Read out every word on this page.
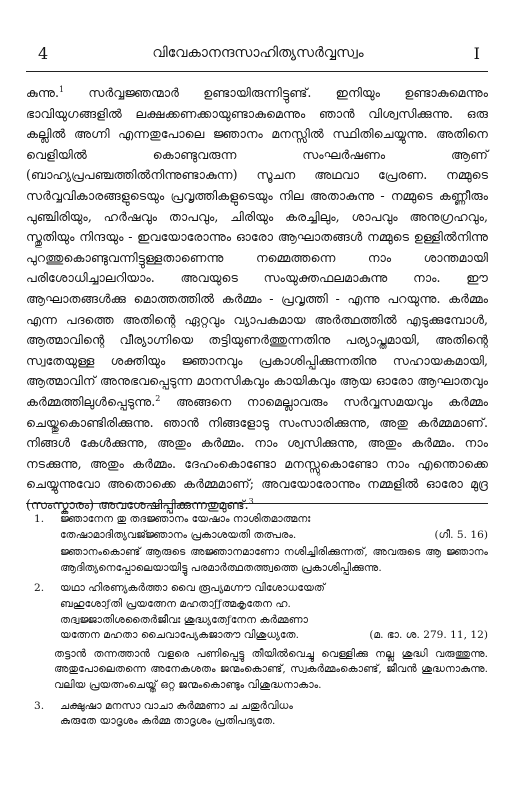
4	വിവേകാനന്ദസാഹിത്യസർവ്വസ്വം	I

കുന്നു.$^1$ സർവ്വജ്ഞന്മാർ ഉണ്ടായിരുന്നിട്ടുണ്ട്. ഇനിയും ഉണ്ടാകുമെന്നും ഭാവിയുഗങ്ങളിൽ ലക്ഷക്കണക്കായുണ്ടാകുമെന്നും ഞാൻ വിശ്വസിക്കുന്നു. ഒരു കല്ലിൽ അഗ്നി എന്നതുപോലെ ജ്ഞാനം മനസ്സിൽ സ്ഥിതിചെയ്യുന്നു. അതിനെ വെളിയിൽ കൊണ്ടുവരുന്ന സംഘർഷണം ആണ് (ബാഹ്യപ്രപഞ്ചത്തിൽനിന്നുണ്ടാകുന്ന) സൂചന അഥവാ പ്രേരണ. നമ്മുടെ സർവ്വവികാരങ്ങളുടെയും പ്രവൃത്തികളുടെയും നില അതാകുന്നു - നമ്മുടെ കണ്ണീരും പുഞ്ചിരിയും, ഹർഷവും താപവും, ചിരിയും കരച്ചിലും, ശാപവും അനുഗ്രഹവും, സ്തുതിയും നിന്ദയും - ഇവയോരോന്നും ഓരോ ആഘാതങ്ങൾ നമ്മുടെ ഉള്ളിൽനിന്നു പുറത്തുകൊണ്ടുവന്നിട്ടുള്ളതാണെന്നു നമ്മെത്തന്നെ നാം ശാന്തമായി പരിശോധിച്ചാലറിയാം. അവയുടെ സംയുക്തഫലമാകുന്നു നാം. ഈ ആഘാതങ്ങൾക്കു മൊത്തത്തിൽ കർമ്മം - പ്രവൃത്തി - എന്നു പറയുന്നു. കർമ്മം എന്ന പദത്തെ അതിന്റെ ഏറ്റവും വ്യാപകമായ അർത്ഥത്തിൽ എടുക്കുമ്പോൾ, ആത്മാവിന്റെ വീര്യാഗ്നിയെ തട്ടിയുണർത്തുന്നതിനു പര്യാപ്തമായി, അതിന്റെ സ്വതേയുള്ള ശക്തിയും ജ്ഞാനവും പ്രകാശിപ്പിക്കുന്നതിനു സഹായകമായി, ആത്മാവിന് അനുഭവപ്പെടുന്ന മാനസികവും കായികവും ആയ ഓരോ ആഘാതവും കർമ്മത്തിലുൾപ്പെടുന്നു.$^2$ അങ്ങനെ നാമെല്ലാവരും സർവ്വസമയവും കർമ്മം ചെയ്തുകൊണ്ടിരിക്കുന്നു. ഞാൻ നിങ്ങളോടു സംസാരിക്കുന്നു, അതു കർമ്മമാണ്. നിങ്ങൾ കേൾക്കുന്നു, അതും കർമ്മം. നാം ശ്വസിക്കുന്നു, അതും കർമ്മം. നാം നടക്കുന്നു, അതും കർമ്മം. ദേഹംകൊണ്ടോ മനസ്സുകൊണ്ടോ നാം എന്തൊക്കെ ചെയ്യുന്നുവോ അതൊക്കെ കർമ്മമാണ്; അവയോരോന്നും നമ്മളിൽ ഓരോ മുദ്ര (സംസ്കാരം) അവശേഷിപ്പിക്കുന്നതുമുണ്ട്.$^3$

1. ജ്ഞാനേന തു തദജ്ഞാനം യേഷാം നാശിതമാത്മനഃ
തേഷാമാദിത്യവജ്ജ്ഞാനം പ്രകാശയതി തത്പരം.	(ഗീ. 5. 16)
ജ്ഞാനംകൊണ്ട് ആരുടെ അജ്ഞാനമാണോ നശിച്ചിരിക്കുന്നത്, അവരുടെ ആ ജ്ഞാനം ആദിത്യനെപ്പോലെയായിട്ടു പരമാർത്ഥതത്ത്വത്തെ പ്രകാശിപ്പിക്കുന്നു.
2. യഥാ ഹിരണ്യകർത്താ വൈ രൂപ്യമഗ്നൗ വിശോധയേത്
ബഹുശോƒതി പ്രയത്നേന മഹതാƒƒത്മകൃതേന ഹ.
തദ്വജ്ജാതിശതൈർജീവഃ ശുദ്ധ്യതേƒനേന കർമ്മണാ
യത്നേന മഹതാ ചൈവാപ്യേകജാതൗ വിശുധ്യതേ.	(മ. ഭാ. ശ. 279. 11, 12)
തട്ടാൻ തന്നത്താൻ വളരെ പണിപ്പെട്ടു തീയിൽവെച്ചു വെള്ളിക്കു നല്ല ശുദ്ധി വരുത്തുന്നു. അതുപോലെതന്നെ അനേകശതം ജന്മംകൊണ്ട്, സ്വകർമ്മംകൊണ്ട്, ജീവൻ ശുദ്ധനാകുന്നു. വലിയ പ്രയത്നംചെയ്ത് ഒറ്റ ജന്മംകൊണ്ടും വിശുദ്ധനാകാം.
3. ചക്ഷുഷാ മനസാ വാചാ കർമ്മണാ ച ചതുർവിധം
കുരുതേ യാദൃശം കർമ്മ താദൃശം പ്രതിപദ്യതേ.
